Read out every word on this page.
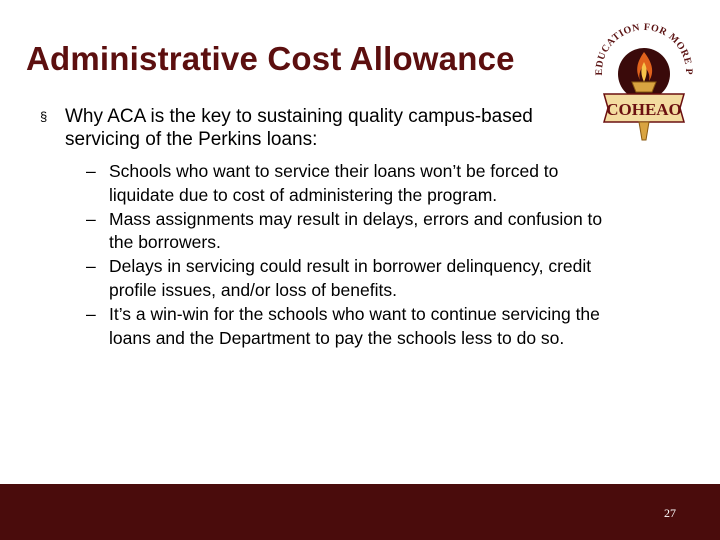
Administrative Cost Allowance	EDUCATION FOR MORE P
COHEAO
§ Why ACA is the key to sustaining quality campus-based servicing of the Perkins loans:
– Schools who want to service their loans won’t be forced to liquidate due to cost of administering the program.
– Mass assignments may result in delays, errors and confusion to the borrowers.
– Delays in servicing could result in borrower delinquency, credit profile issues, and/or loss of benefits.
– It’s a win-win for the schools who want to continue servicing the loans and the Department to pay the schools less to do so.
27
